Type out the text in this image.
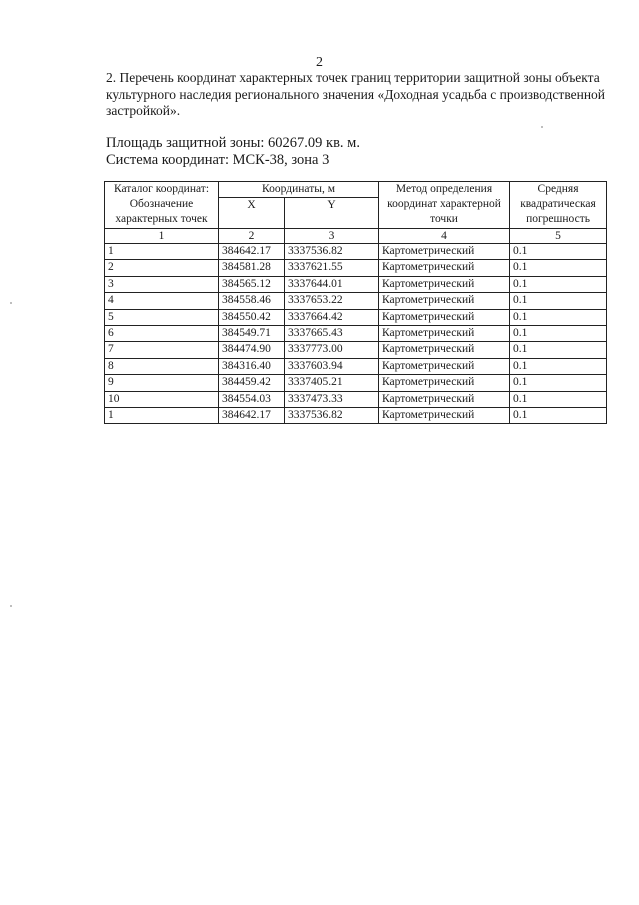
2
2. Перечень координат характерных точек границ территории защитной зоны объекта культурного наследия регионального значения «Доходная усадьба с производственной застройкой».
Площадь защитной зоны: 60267.09 кв. м.
Система координат: МСК-38, зона 3
Каталог координат: Обозначение характерных точек	Координаты, м		Метод определения координат характерной точки	Средняя квадратическая погрешность
	X	Y		
1	2	3	4	5
1	384642.17	3337536.82	Картометрический	0.1
2	384581.28	3337621.55	Картометрический	0.1
3	384565.12	3337644.01	Картометрический	0.1
4	384558.46	3337653.22	Картометрический	0.1
5	384550.42	3337664.42	Картометрический	0.1
6	384549.71	3337665.43	Картометрический	0.1
7	384474.90	3337773.00	Картометрический	0.1
8	384316.40	3337603.94	Картометрический	0.1
9	384459.42	3337405.21	Картометрический	0.1
10	384554.03	3337473.33	Картометрический	0.1
1	384642.17	3337536.82	Картометрический	0.1
